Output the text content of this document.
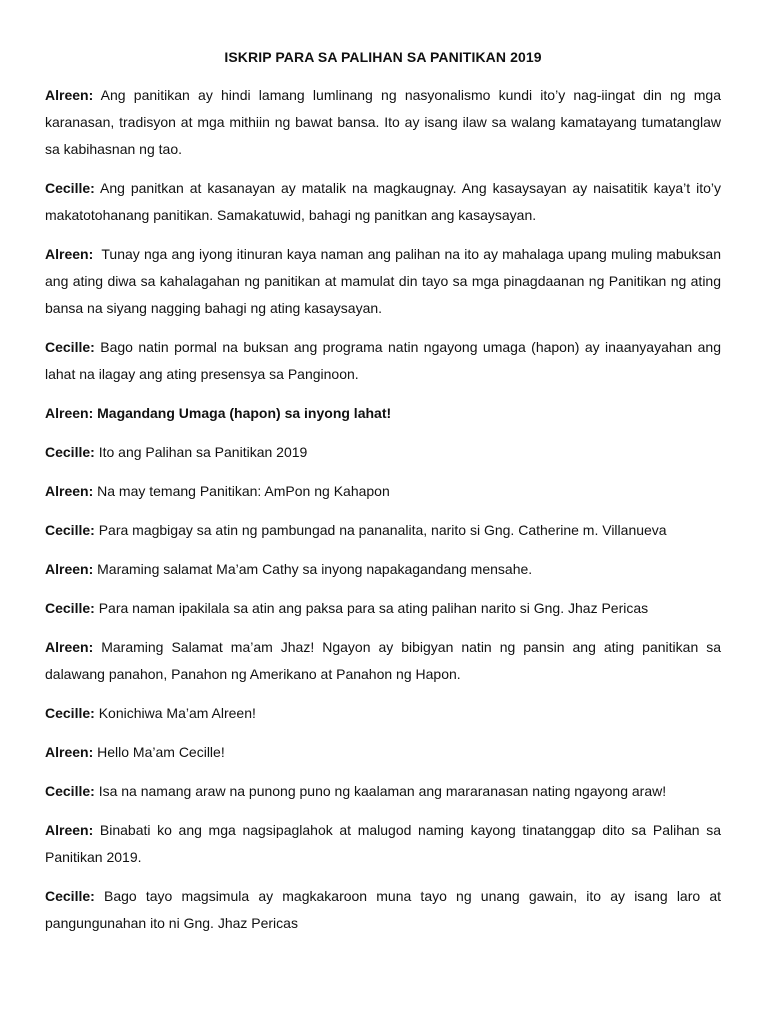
ISKRIP PARA SA PALIHAN SA PANITIKAN 2019

Alreen: Ang panitikan ay hindi lamang lumlinang ng nasyonalismo kundi ito’y nag-iingat din ng mga karanasan, tradisyon at mga mithiin ng bawat bansa. Ito ay isang ilaw sa walang kamatayang tumatanglaw sa kabihasnan ng tao.

Cecille: Ang panitkan at kasanayan ay matalik na magkaugnay. Ang kasaysayan ay naisatitik kaya’t ito’y makatotohanang panitikan. Samakatuwid, bahagi ng panitkan ang kasaysayan.

Alreen: Tunay nga ang iyong itinuran kaya naman ang palihan na ito ay mahalaga upang muling mabuksan ang ating diwa sa kahalagahan ng panitikan at mamulat din tayo sa mga pinagdaanan ng Panitikan ng ating bansa na siyang nagging bahagi ng ating kasaysayan.

Cecille: Bago natin pormal na buksan ang programa natin ngayong umaga (hapon) ay inaanyayahan ang lahat na ilagay ang ating presensya sa Panginoon.

Alreen: Magandang Umaga (hapon) sa inyong lahat!

Cecille: Ito ang Palihan sa Panitikan 2019

Alreen: Na may temang Panitikan: AmPon ng Kahapon

Cecille: Para magbigay sa atin ng pambungad na pananalita, narito si Gng. Catherine m. Villanueva

Alreen: Maraming salamat Ma’am Cathy sa inyong napakagandang mensahe.

Cecille: Para naman ipakilala sa atin ang paksa para sa ating palihan narito si Gng. Jhaz Pericas

Alreen: Maraming Salamat ma’am Jhaz! Ngayon ay bibigyan natin ng pansin ang ating panitikan sa dalawang panahon, Panahon ng Amerikano at Panahon ng Hapon.

Cecille: Konichiwa Ma’am Alreen!

Alreen: Hello Ma’am Cecille!

Cecille: Isa na namang araw na punong puno ng kaalaman ang mararanasan nating ngayong araw!

Alreen: Binabati ko ang mga nagsipaglahok at malugod naming kayong tinatanggap dito sa Palihan sa Panitikan 2019.

Cecille: Bago tayo magsimula ay magkakaroon muna tayo ng unang gawain, ito ay isang laro at pangungunahan ito ni Gng. Jhaz Pericas
